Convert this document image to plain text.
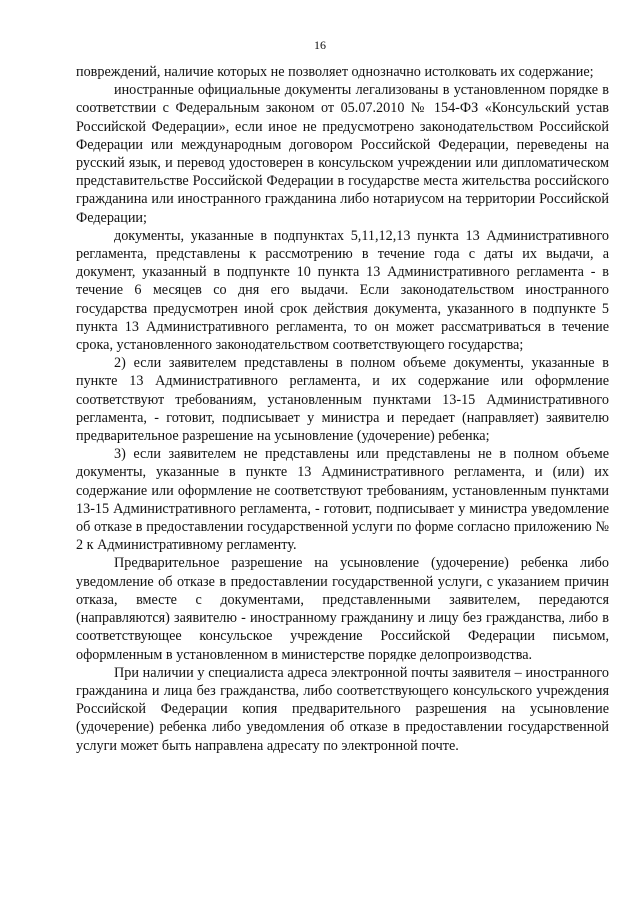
16

повреждений, наличие которых не позволяет однозначно истолковать их содержание;

иностранные официальные документы легализованы в установленном порядке в соответствии с Федеральным законом от 05.07.2010 № 154-ФЗ «Консульский устав Российской Федерации», если иное не предусмотрено законодательством Российской Федерации или международным договором Российской Федерации, переведены на русский язык, и перевод удостоверен в консульском учреждении или дипломатическом представительстве Российской Федерации в государстве места жительства российского гражданина или иностранного гражданина либо нотариусом на территории Российской Федерации;

документы, указанные в подпунктах 5,11,12,13 пункта 13 Административного регламента, представлены к рассмотрению в течение года с даты их выдачи, а документ, указанный в подпункте 10 пункта 13 Административного регламента - в течение 6 месяцев со дня его выдачи. Если законодательством иностранного государства предусмотрен иной срок действия документа, указанного в подпункте 5 пункта 13 Административного регламента, то он может рассматриваться в течение срока, установленного законодательством соответствующего государства;

2) если заявителем представлены в полном объеме документы, указанные в пункте 13 Административного регламента, и их содержание или оформление соответствуют требованиям, установленным пунктами 13-15 Административного регламента, - готовит, подписывает у министра и передает (направляет) заявителю предварительное разрешение на усыновление (удочерение) ребенка;

3) если заявителем не представлены или представлены не в полном объеме документы, указанные в пункте 13 Административного регламента, и (или) их содержание или оформление не соответствуют требованиям, установленным пунктами 13-15 Административного регламента, - готовит, подписывает у министра уведомление об отказе в предоставлении государственной услуги по форме согласно приложению № 2 к Административному регламенту.

Предварительное разрешение на усыновление (удочерение) ребенка либо уведомление об отказе в предоставлении государственной услуги, с указанием причин отказа, вместе с документами, представленными заявителем, передаются (направляются) заявителю - иностранному гражданину и лицу без гражданства, либо в соответствующее консульское учреждение Российской Федерации письмом, оформленным в установленном в министерстве порядке делопроизводства.

При наличии у специалиста адреса электронной почты заявителя – иностранного гражданина и лица без гражданства, либо соответствующего консульского учреждения Российской Федерации копия предварительного разрешения на усыновление (удочерение) ребенка либо уведомления об отказе в предоставлении государственной услуги может быть направлена адресату по электронной почте.
